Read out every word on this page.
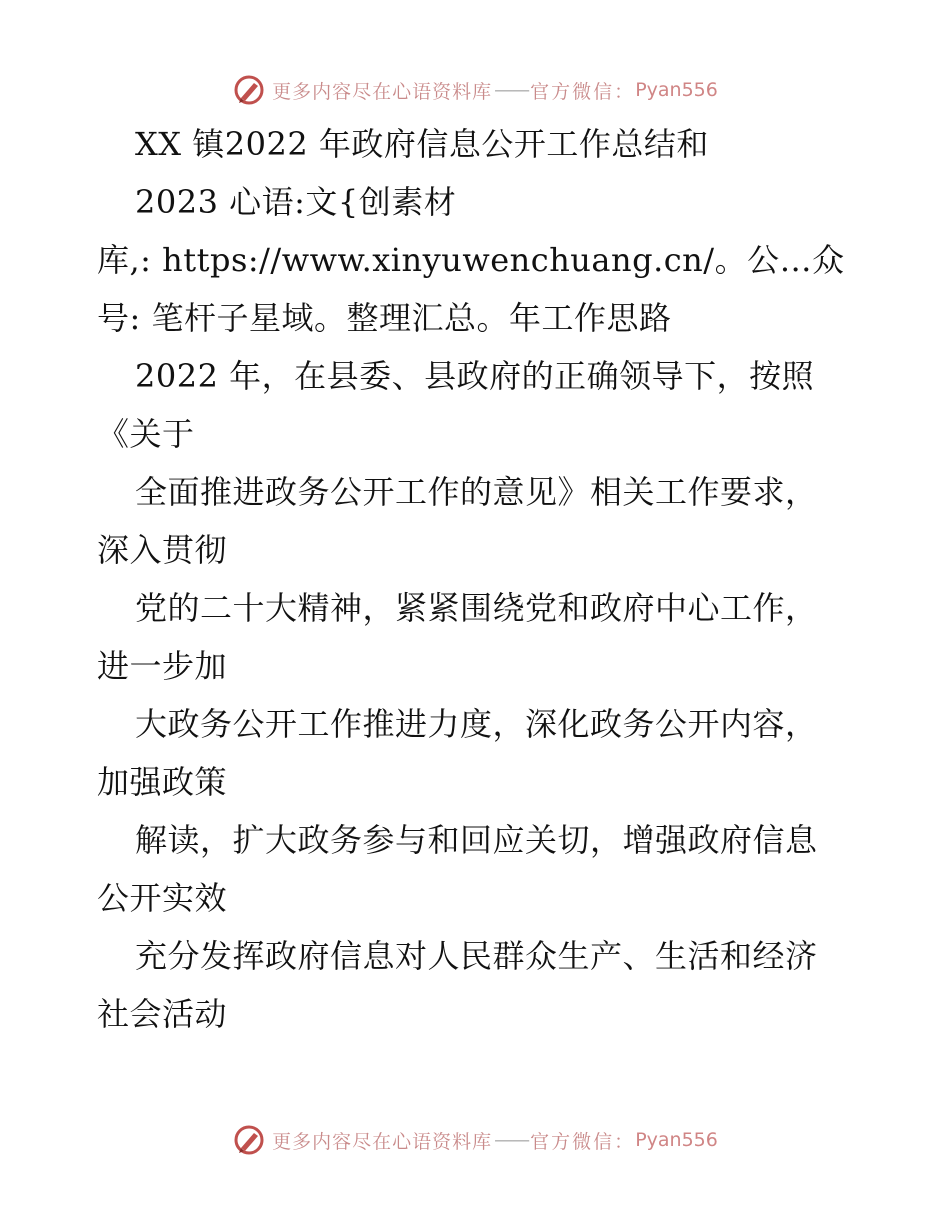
更多内容尽在心语资料库 —— 官方微信： Pyan556
XX 镇2022 年政府信息公开工作总结和
2023 心语:文{创素材
库,: https://www.xinyuwenchuang.cn/。公…众
号: 笔杆子星域。整理汇总。年工作思路
2022 年，在县委、县政府的正确领导下，按照
《关于
全面推进政务公开工作的意见》相关工作要求，
深入贯彻
党的二十大精神，紧紧围绕党和政府中心工作，
进一步加
大政务公开工作推进力度，深化政务公开内容，
加强政策
解读，扩大政务参与和回应关切，增强政府信息
公开实效
充分发挥政府信息对人民群众生产、生活和经济
社会活动
更多内容尽在心语资料库 —— 官方微信： Pyan556
